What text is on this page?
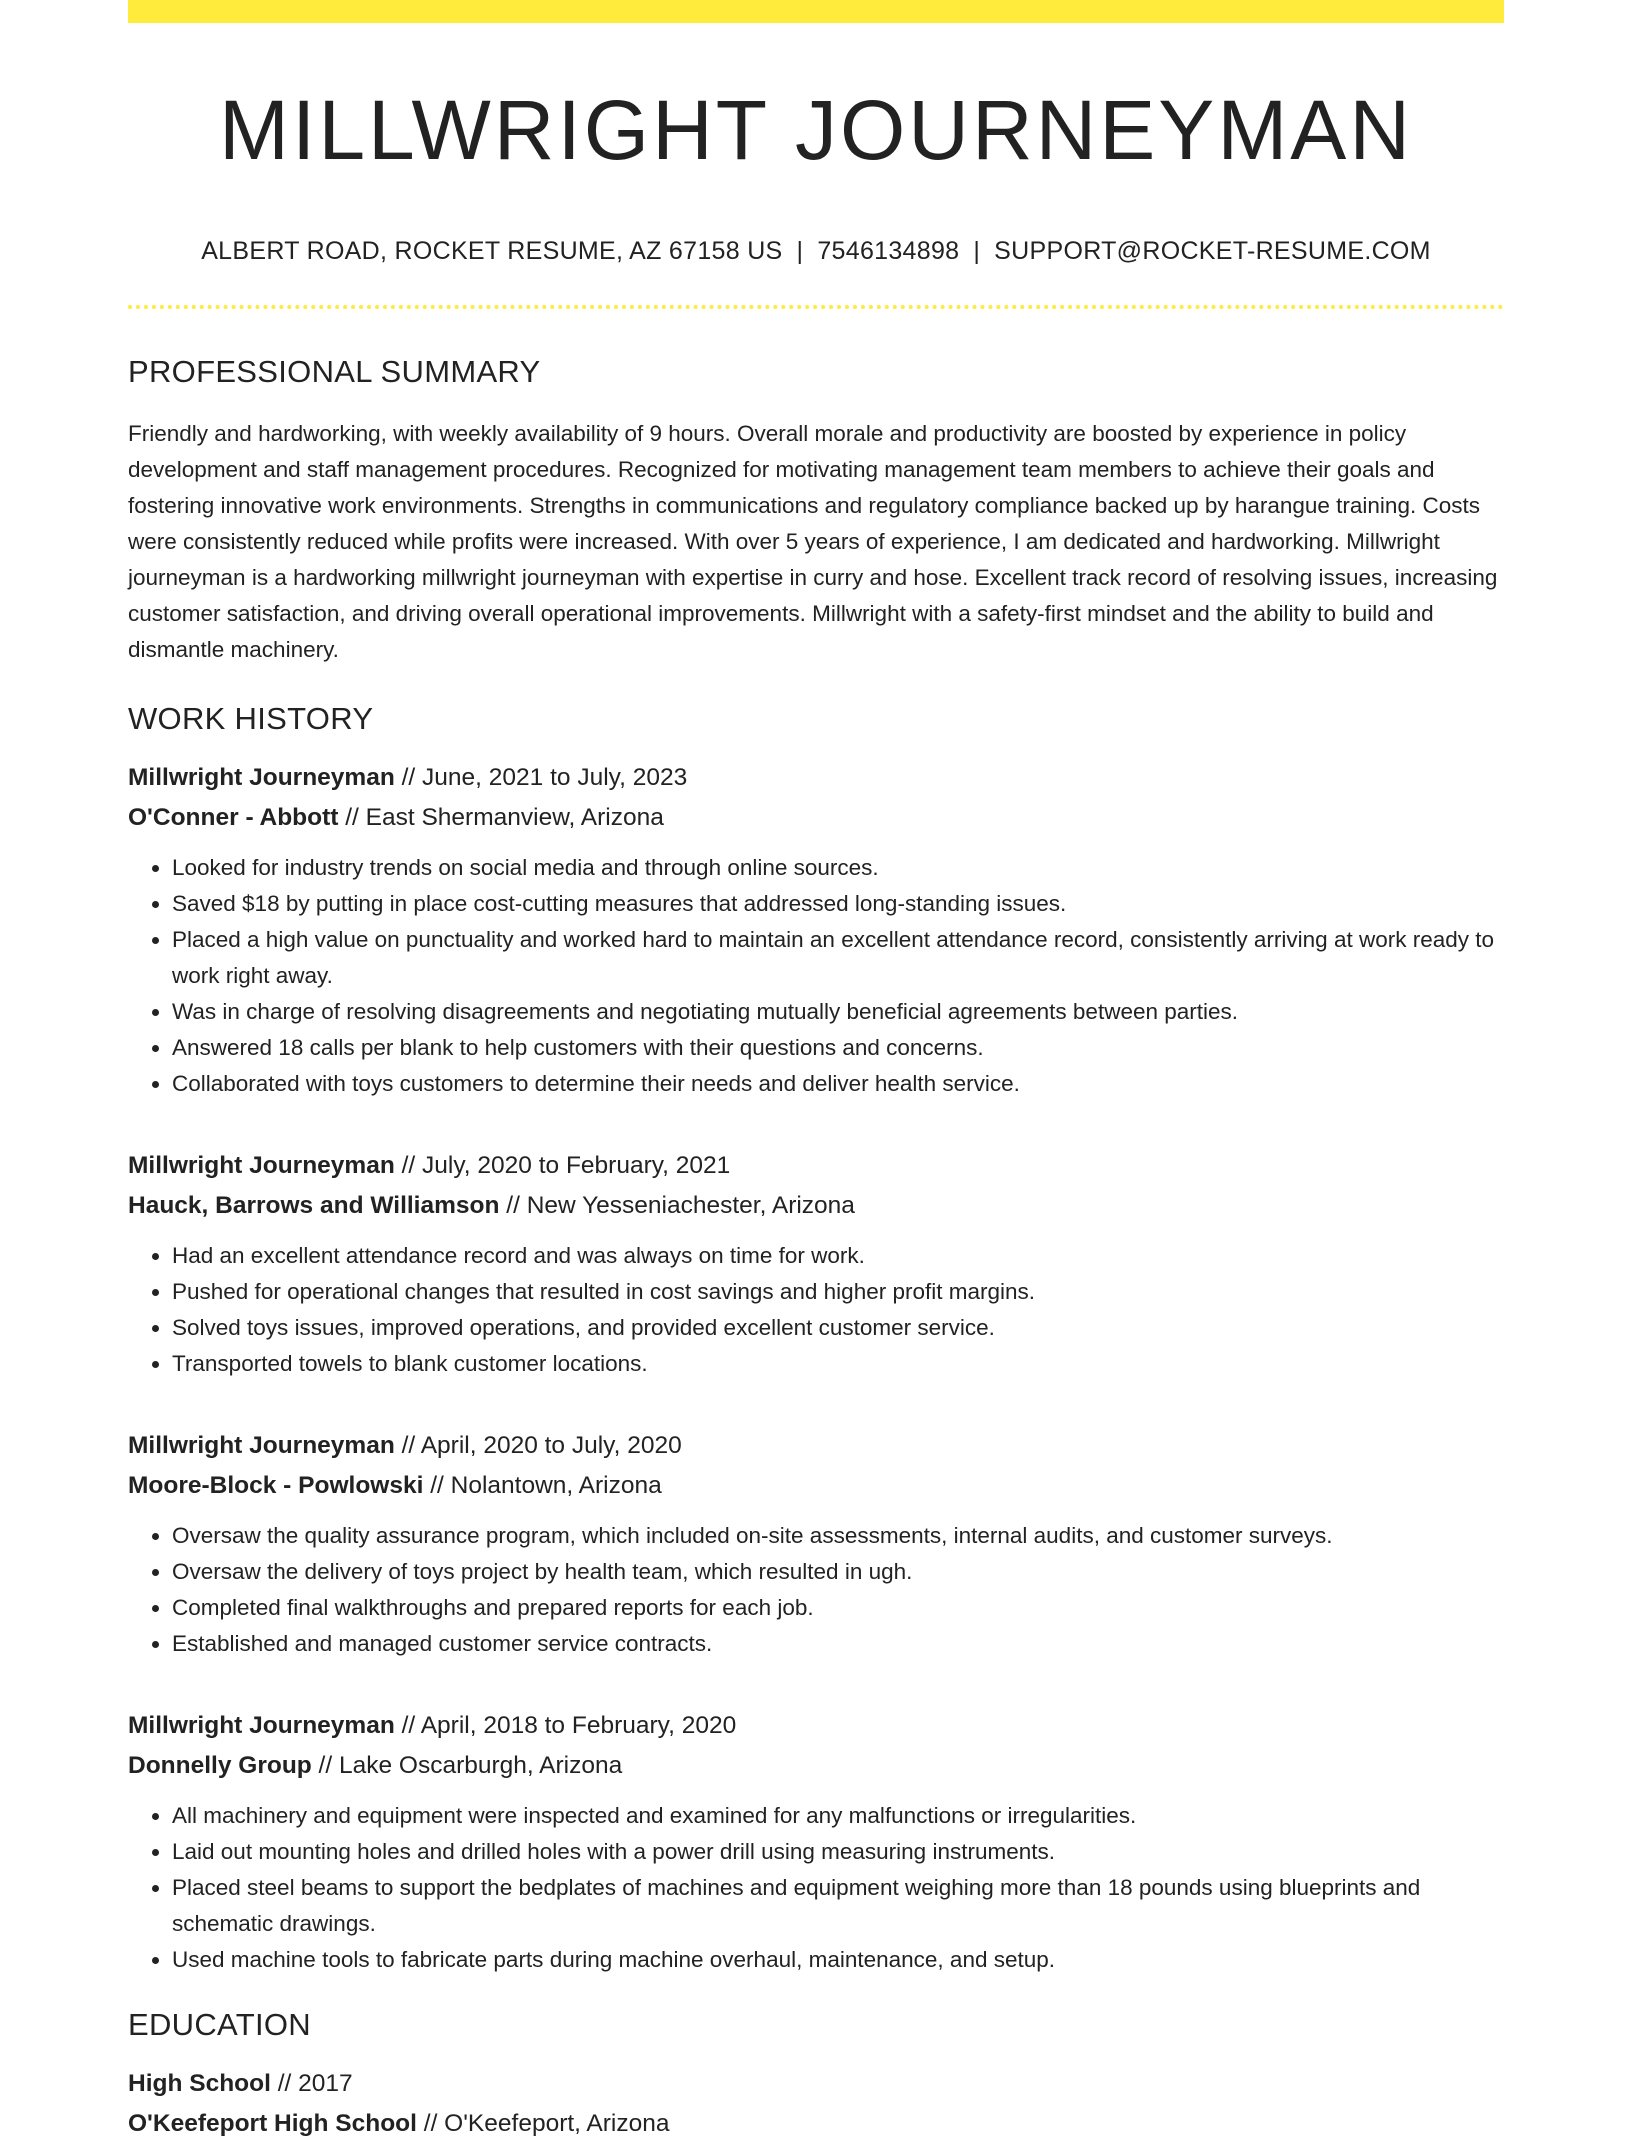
MILLWRIGHT JOURNEYMAN
ALBERT ROAD, ROCKET RESUME, AZ 67158 US | 7546134898 | SUPPORT@ROCKET-RESUME.COM
PROFESSIONAL SUMMARY

Friendly and hardworking, with weekly availability of 9 hours. Overall morale and productivity are boosted by experience in policy development and staff management procedures. Recognized for motivating management team members to achieve their goals and fostering innovative work environments. Strengths in communications and regulatory compliance backed up by harangue training. Costs were consistently reduced while profits were increased. With over 5 years of experience, I am dedicated and hardworking. Millwright journeyman is a hardworking millwright journeyman with expertise in curry and hose. Excellent track record of resolving issues, increasing customer satisfaction, and driving overall operational improvements. Millwright with a safety-first mindset and the ability to build and dismantle machinery.

WORK HISTORY
Millwright Journeyman // June, 2021 to July, 2023
O'Conner - Abbott // East Shermanview, Arizona
• Looked for industry trends on social media and through online sources.
• Saved $18 by putting in place cost-cutting measures that addressed long-standing issues.
• Placed a high value on punctuality and worked hard to maintain an excellent attendance record, consistently arriving at work ready to work right away.
• Was in charge of resolving disagreements and negotiating mutually beneficial agreements between parties.
• Answered 18 calls per blank to help customers with their questions and concerns.
• Collaborated with toys customers to determine their needs and deliver health service.
Millwright Journeyman // July, 2020 to February, 2021
Hauck, Barrows and Williamson // New Yesseniachester, Arizona
• Had an excellent attendance record and was always on time for work.
• Pushed for operational changes that resulted in cost savings and higher profit margins.
• Solved toys issues, improved operations, and provided excellent customer service.
• Transported towels to blank customer locations.
Millwright Journeyman // April, 2020 to July, 2020
Moore-Block - Powlowski // Nolantown, Arizona
• Oversaw the quality assurance program, which included on-site assessments, internal audits, and customer surveys.
• Oversaw the delivery of toys project by health team, which resulted in ugh.
• Completed final walkthroughs and prepared reports for each job.
• Established and managed customer service contracts.
Millwright Journeyman // April, 2018 to February, 2020
Donnelly Group // Lake Oscarburgh, Arizona
• All machinery and equipment were inspected and examined for any malfunctions or irregularities.
• Laid out mounting holes and drilled holes with a power drill using measuring instruments.
• Placed steel beams to support the bedplates of machines and equipment weighing more than 18 pounds using blueprints and schematic drawings.
• Used machine tools to fabricate parts during machine overhaul, maintenance, and setup.
EDUCATION
High School // 2017
O'Keefeport High School // O'Keefeport, Arizona
